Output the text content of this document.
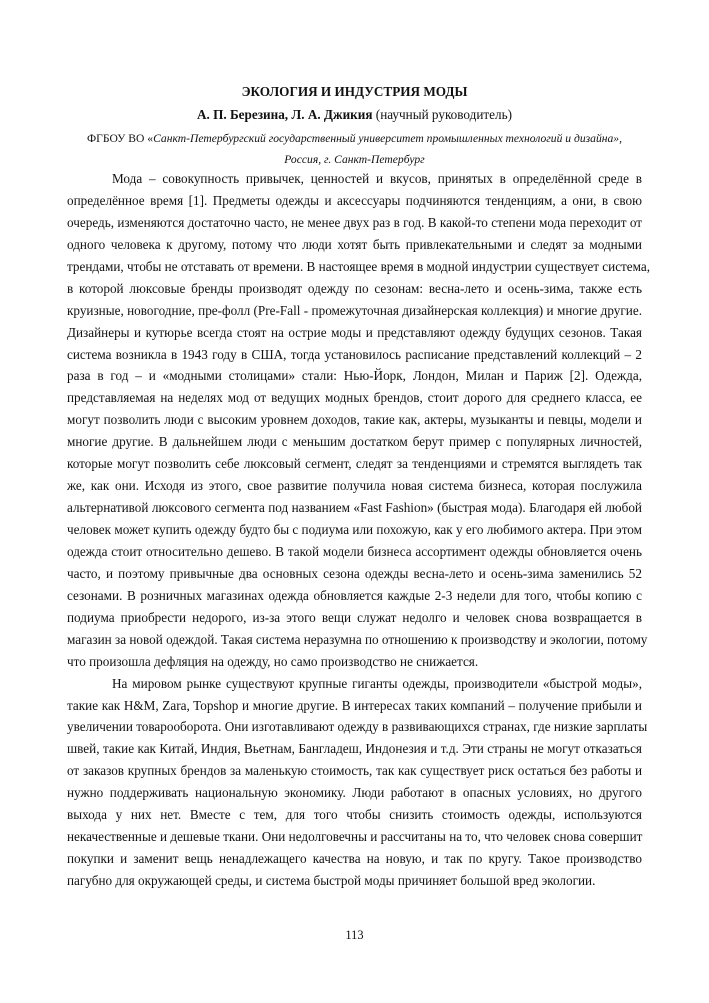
ЭКОЛОГИЯ И ИНДУСТРИЯ МОДЫ
А. П. Березина, Л. А. Джикия (научный руководитель)
ФГБОУ ВО «Санкт-Петербургский государственный университет промышленных технологий и дизайна»,
Россия, г. Санкт-Петербург
Мода – совокупность привычек, ценностей и вкусов, принятых в определённой среде в
определённое время [1]. Предметы одежды и аксессуары подчиняются тенденциям, а они, в свою
очередь, изменяются достаточно часто, не менее двух раз в год. В какой-то степени мода переходит от
одного человека к другому, потому что люди хотят быть привлекательными и следят за модными
трендами, чтобы не отставать от времени. В настоящее время в модной индустрии существует система,
в которой люксовые бренды производят одежду по сезонам: весна-лето и осень-зима, также есть
круизные, новогодние, пре-фолл (Pre-Fall - промежуточная дизайнерская коллекция) и многие другие.
Дизайнеры и кутюрье всегда стоят на острие моды и представляют одежду будущих сезонов. Такая
система возникла в 1943 году в США, тогда установилось расписание представлений коллекций – 2
раза в год – и «модными столицами» стали: Нью-Йорк, Лондон, Милан и Париж [2]. Одежда,
представляемая на неделях мод от ведущих модных брендов, стоит дорого для среднего класса, ее
могут позволить люди с высоким уровнем доходов, такие как, актеры, музыканты и певцы, модели и
многие другие. В дальнейшем люди с меньшим достатком берут пример с популярных личностей,
которые могут позволить себе люксовый сегмент, следят за тенденциями и стремятся выглядеть так
же, как они. Исходя из этого, свое развитие получила новая система бизнеса, которая послужила
альтернативой люксового сегмента под названием «Fast Fashion» (быстрая мода). Благодаря ей любой
человек может купить одежду будто бы с подиума или похожую, как у его любимого актера. При этом
одежда стоит относительно дешево. В такой модели бизнеса ассортимент одежды обновляется очень
часто, и поэтому привычные два основных сезона одежды весна-лето и осень-зима заменились 52
сезонами. В розничных магазинах одежда обновляется каждые 2-3 недели для того, чтобы копию с
подиума приобрести недорого, из-за этого вещи служат недолго и человек снова возвращается в
магазин за новой одеждой. Такая система неразумна по отношению к производству и экологии, потому
что произошла дефляция на одежду, но само производство не снижается.
На мировом рынке существуют крупные гиганты одежды, производители «быстрой моды»,
такие как H&M, Zara, Topshop и многие другие. В интересах таких компаний – получение прибыли и
увеличении товарооборота. Они изготавливают одежду в развивающихся странах, где низкие зарплаты
швей, такие как Китай, Индия, Вьетнам, Бангладеш, Индонезия и т.д. Эти страны не могут отказаться
от заказов крупных брендов за маленькую стоимость, так как существует риск остаться без работы и
нужно поддерживать национальную экономику. Люди работают в опасных условиях, но другого
выхода у них нет. Вместе с тем, для того чтобы снизить стоимость одежды, используются
некачественные и дешевые ткани. Они недолговечны и рассчитаны на то, что человек снова совершит
покупки и заменит вещь ненадлежащего качества на новую, и так по кругу. Такое производство
пагубно для окружающей среды, и система быстрой моды причиняет большой вред экологии.
113
